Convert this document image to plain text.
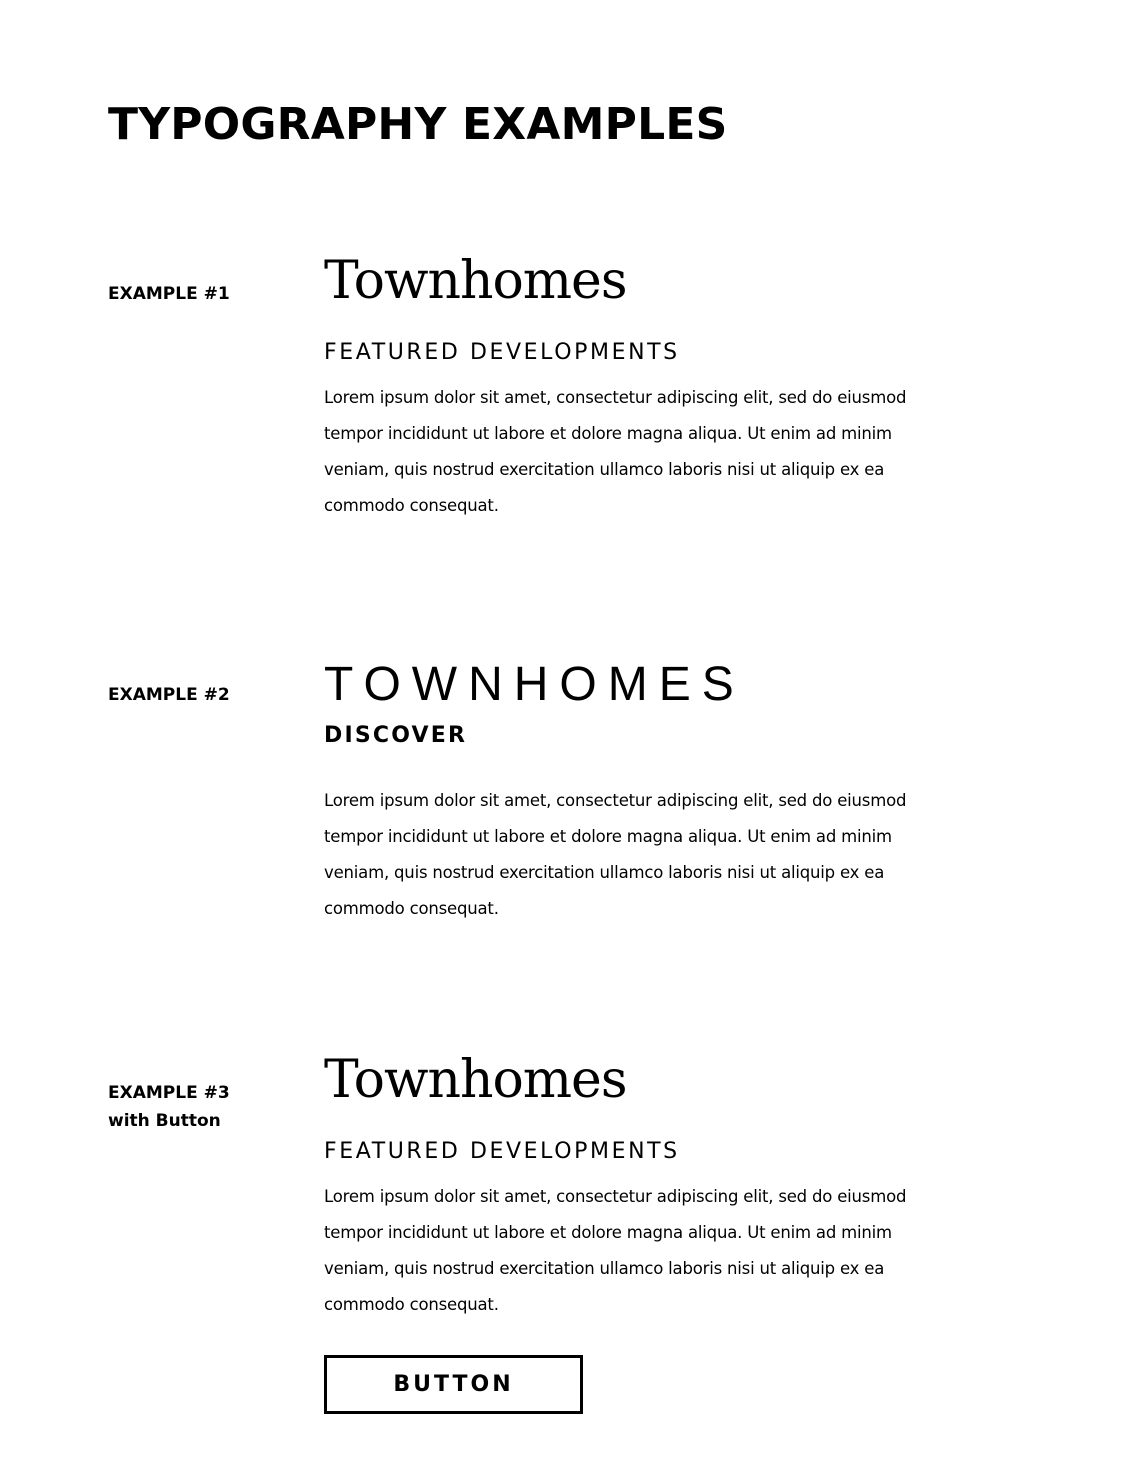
TYPOGRAPHY EXAMPLES
EXAMPLE #1 Townhomes
FEATURED DEVELOPMENTS

Lorem ipsum dolor sit amet, consectetur adipiscing elit, sed do eiusmod tempor incididunt ut labore et dolore magna aliqua. Ut enim ad minim veniam, quis nostrud exercitation ullamco laboris nisi ut aliquip ex ea commodo consequat.

EXAMPLE #2 TOWNHOMES
DISCOVER

Lorem ipsum dolor sit amet, consectetur adipiscing elit, sed do eiusmod tempor incididunt ut labore et dolore magna aliqua. Ut enim ad minim veniam, quis nostrud exercitation ullamco laboris nisi ut aliquip ex ea commodo consequat.

EXAMPLE #3
with Button
Townhomes
FEATURED DEVELOPMENTS

Lorem ipsum dolor sit amet, consectetur adipiscing elit, sed do eiusmod tempor incididunt ut labore et dolore magna aliqua. Ut enim ad minim veniam, quis nostrud exercitation ullamco laboris nisi ut aliquip ex ea commodo consequat.

BUTTON
